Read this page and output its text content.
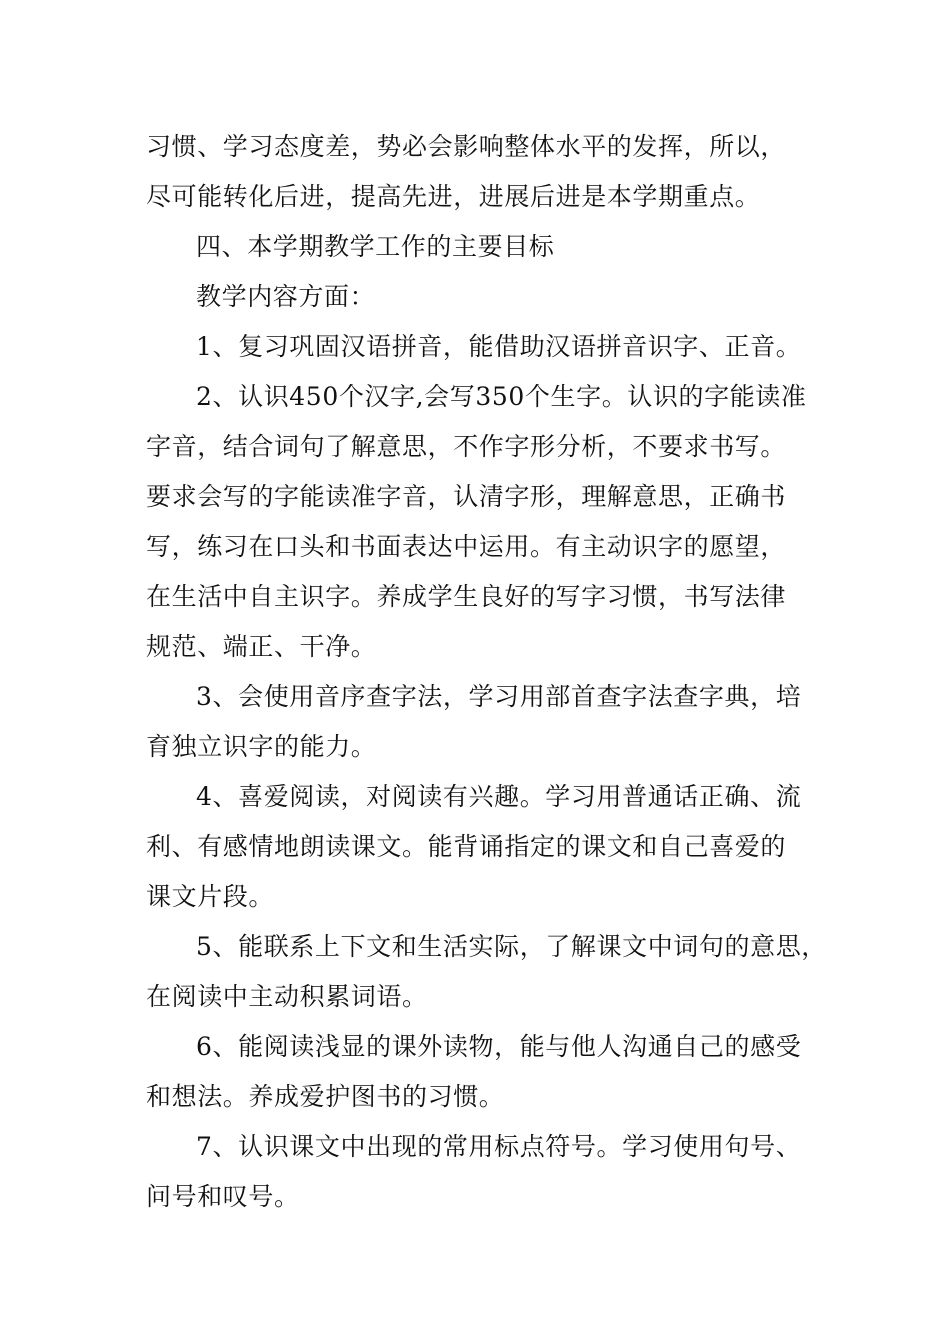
习惯、学习态度差，势必会影响整体水平的发挥，所以，
尽可能转化后进，提高先进，进展后进是本学期重点。
四、本学期教学工作的主要目标
教学内容方面：
1、复习巩固汉语拼音，能借助汉语拼音识字、正音。
2、认识450个汉字,会写350个生字。认识的字能读准
字音，结合词句了解意思，不作字形分析，不要求书写。
要求会写的字能读准字音，认清字形，理解意思，正确书
写，练习在口头和书面表达中运用。有主动识字的愿望，
在生活中自主识字。养成学生良好的写字习惯，书写法律
规范、端正、干净。
3、会使用音序查字法，学习用部首查字法查字典，培
育独立识字的能力。
4、喜爱阅读，对阅读有兴趣。学习用普通话正确、流
利、有感情地朗读课文。能背诵指定的课文和自己喜爱的
课文片段。
5、能联系上下文和生活实际，了解课文中词句的意思，
在阅读中主动积累词语。
6、能阅读浅显的课外读物，能与他人沟通自己的感受
和想法。养成爱护图书的习惯。
7、认识课文中出现的常用标点符号。学习使用句号、
问号和叹号。
